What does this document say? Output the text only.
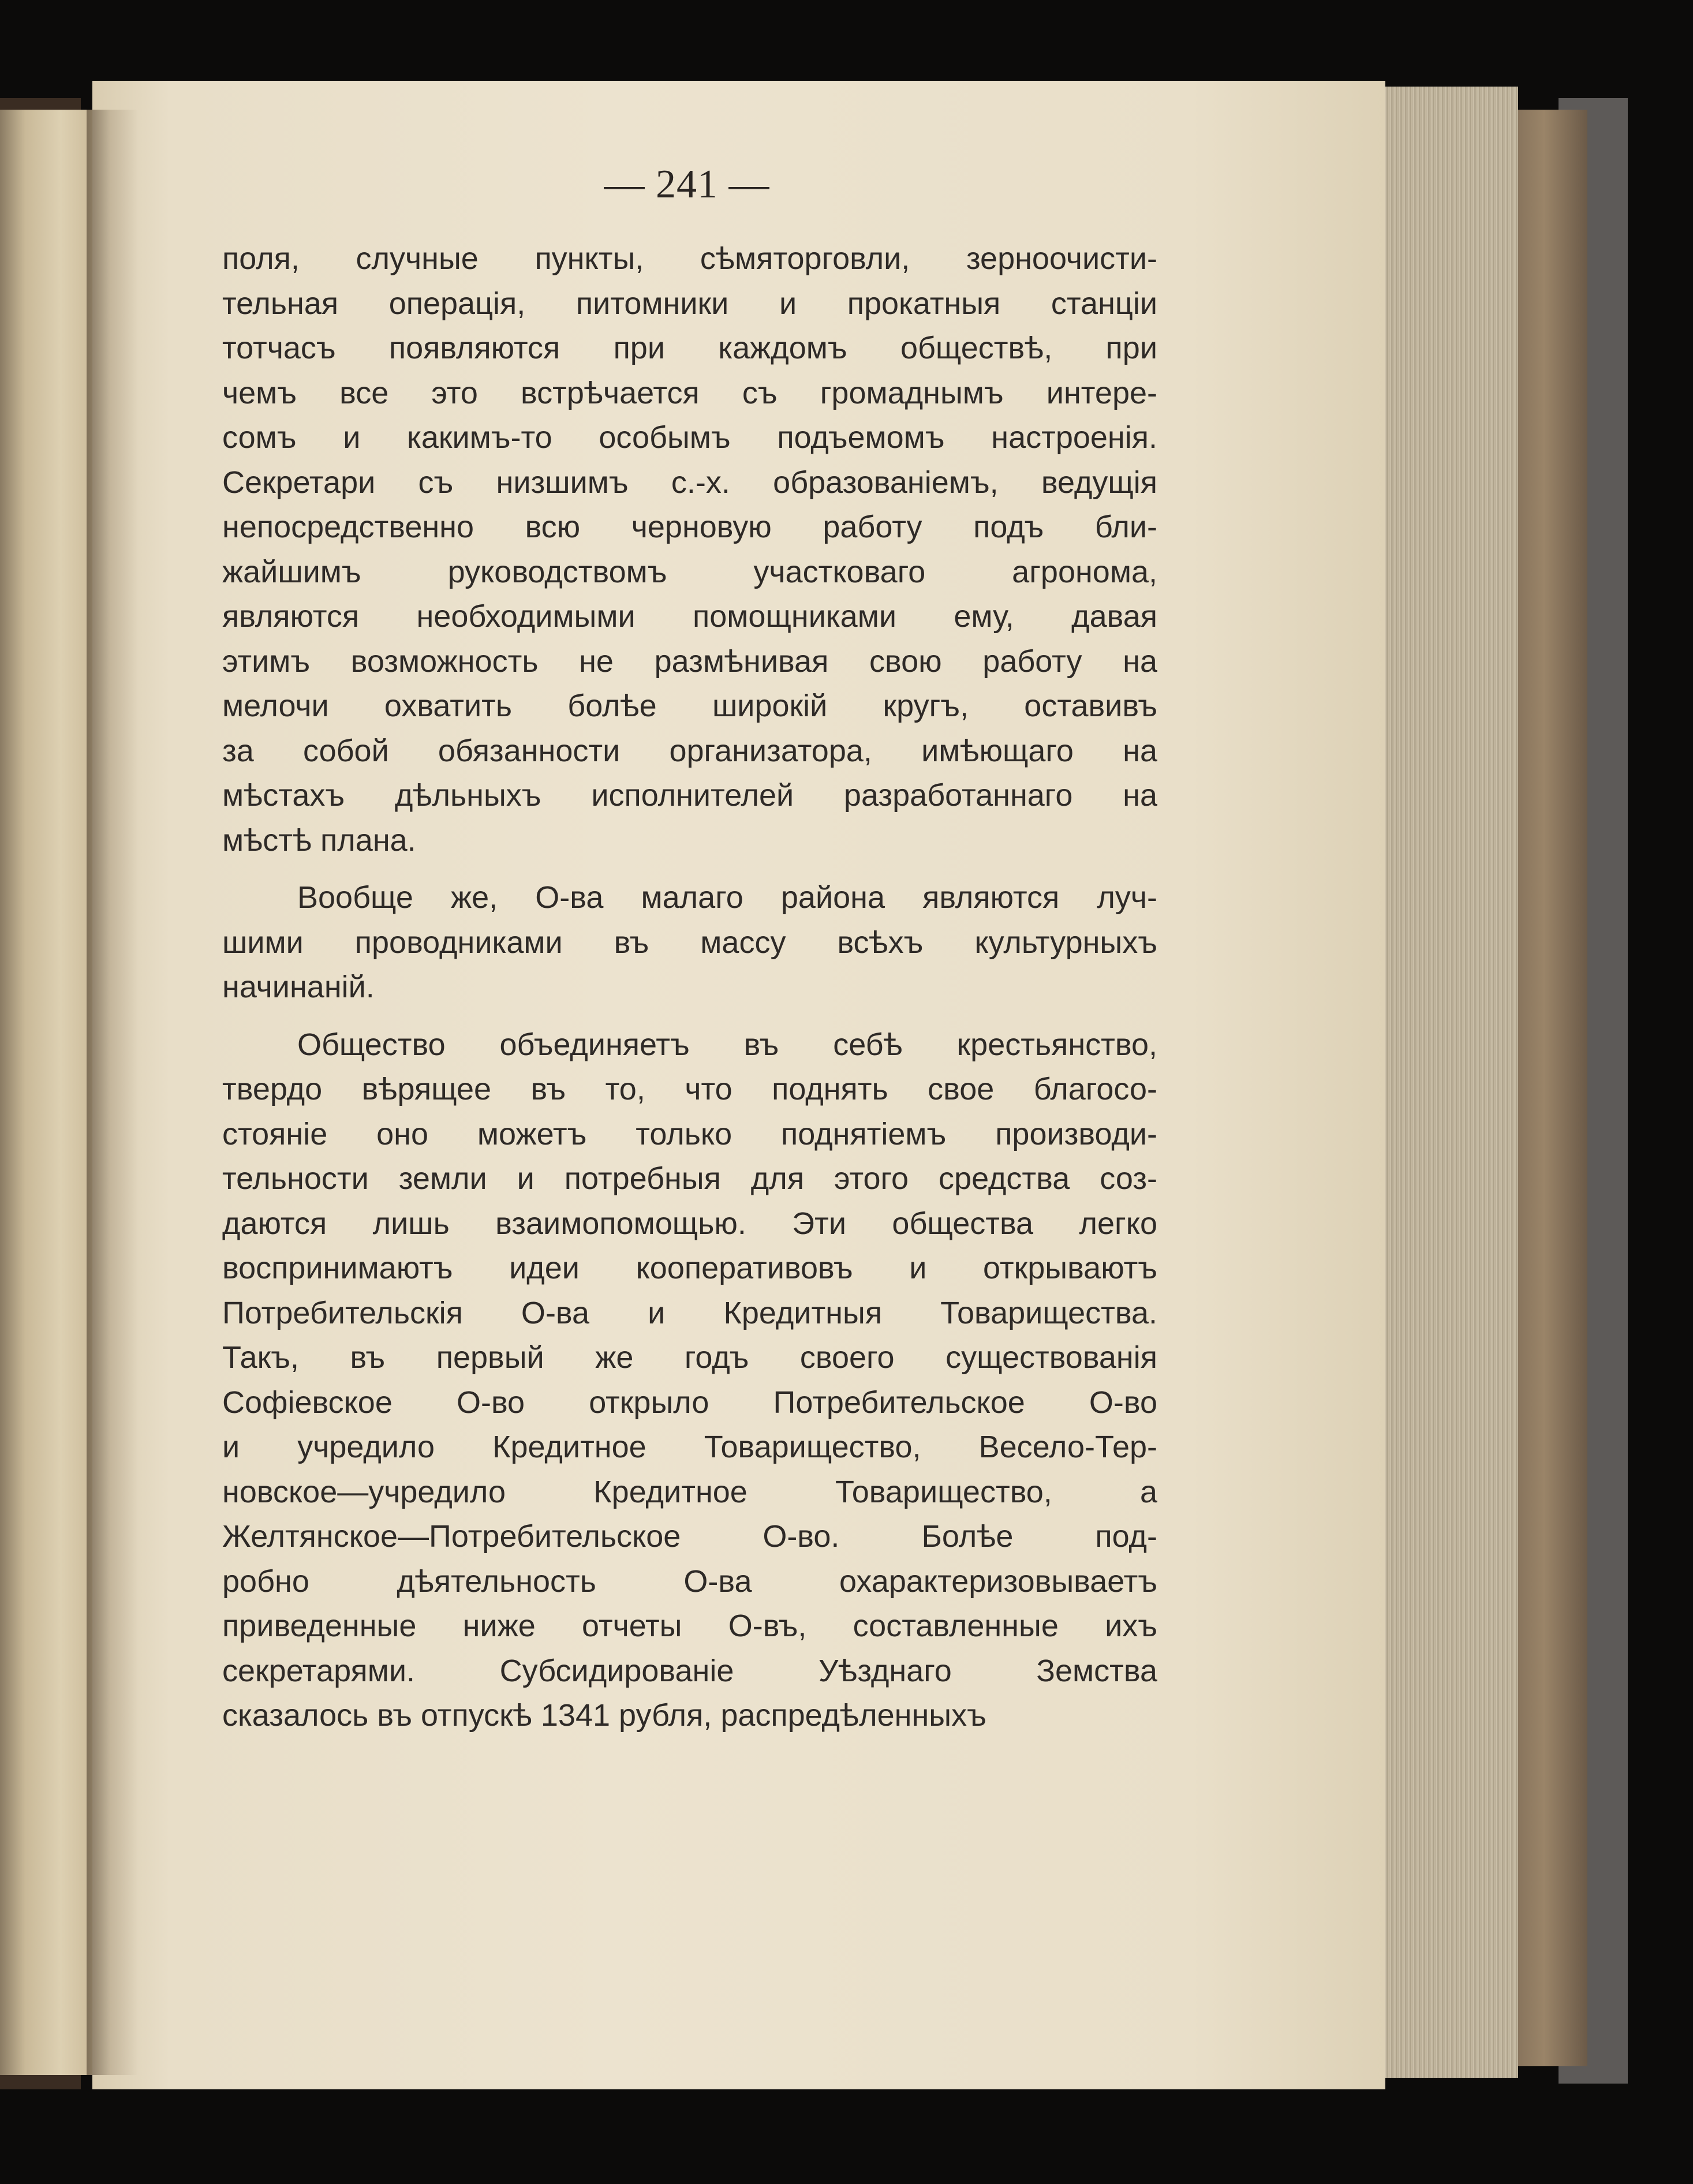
— 241 —
поля, случные пункты, сѣмяторговли, зерноочисти-
тельная операція, питомники и прокатныя станціи
тотчасъ появляются при каждомъ обществѣ, при
чемъ все это встрѣчается съ громаднымъ интере-
сомъ и какимъ-то особымъ подъемомъ настроенія.
Секретари съ низшимъ с.-х. образованіемъ, ведущія
непосредственно всю черновую работу подъ бли-
жайшимъ руководствомъ участковаго агронома,
являются необходимыми помощниками ему, давая
этимъ возможность не размѣнивая свою работу на
мелочи охватить болѣе широкій кругъ, оставивъ
за собой обязанности организатора, имѣющаго на
мѣстахъ дѣльныхъ исполнителей разработаннаго на
мѣстѣ плана.
Вообще же, О-ва малаго района являются луч-
шими проводниками въ массу всѣхъ культурныхъ
начинаній.
Общество объединяетъ въ себѣ крестьянство,
твердо вѣрящее въ то, что поднять свое благосо-
стояніе оно можетъ только поднятіемъ производи-
тельности земли и потребныя для этого средства соз-
даются лишь взаимопомощью. Эти общества легко
воспринимаютъ идеи кооперативовъ и открываютъ
Потребительскія О-ва и Кредитныя Товарищества.
Такъ, въ первый же годъ своего существованія
Софіевское О-во открыло Потребительское О-во
и учредило Кредитное Товарищество, Весело-Тер-
новское—учредило Кредитное Товарищество, а
Желтянское—Потребительское О-во. Болѣе под-
робно дѣятельность О-ва охарактеризовываетъ
приведенные ниже отчеты О-въ, составленные ихъ
секретарями. Субсидированіе Уѣзднаго Земства
сказалось въ отпускѣ 1341 рубля, распредѣленныхъ
